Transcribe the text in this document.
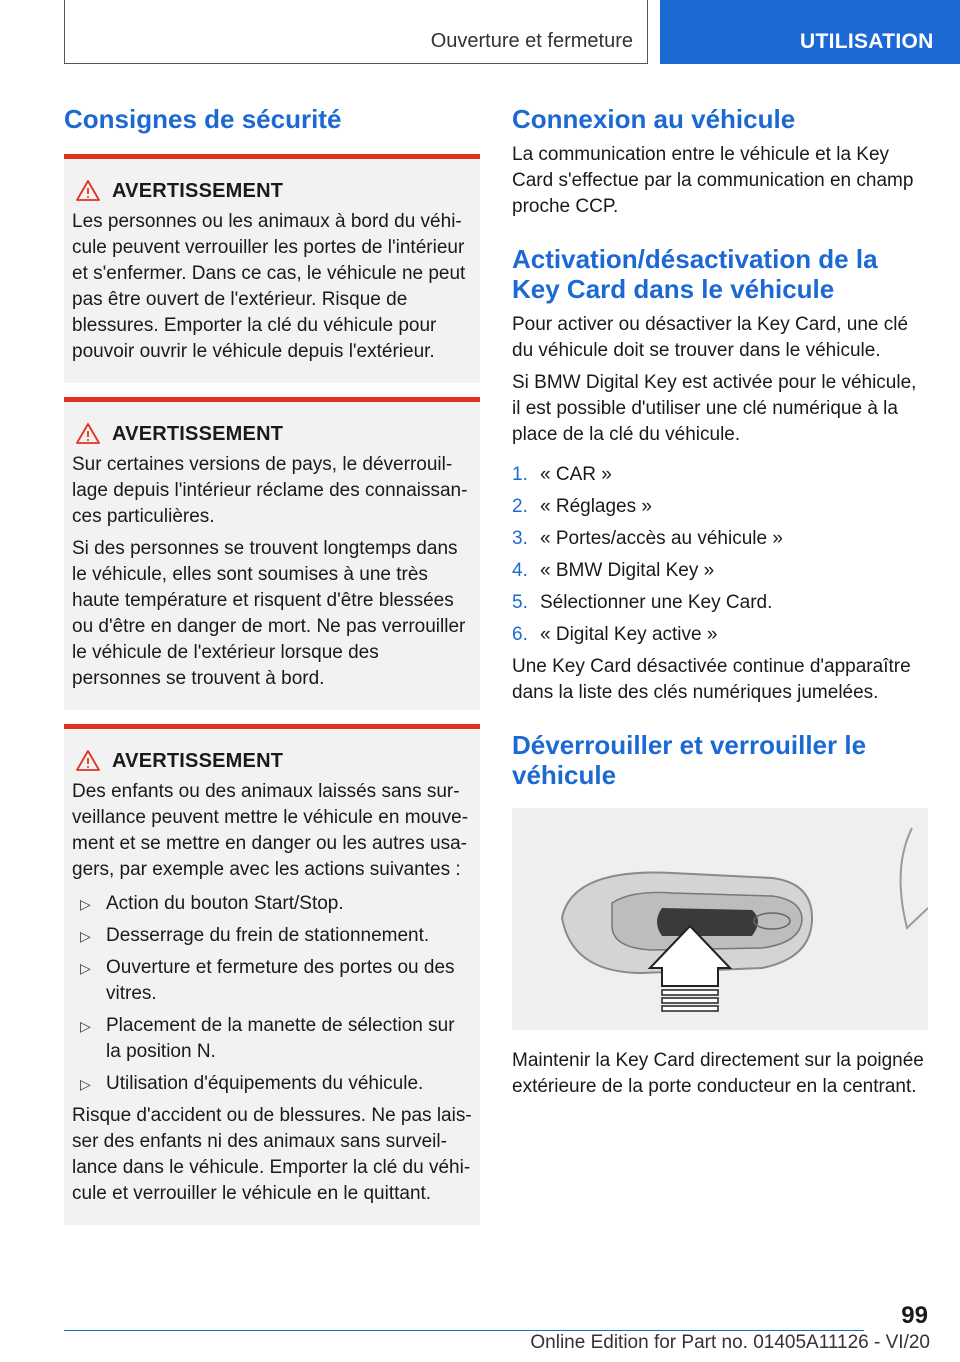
Ouverture et fermeture	UTILISATION
Consignes de sécurité
AVERTISSEMENT

Les personnes ou les animaux à bord du véhicule peuvent verrouiller les portes de l'intérieur et s'enfermer. Dans ce cas, le véhicule ne peut pas être ouvert de l'extérieur. Risque de blessures. Emporter la clé du véhicule pour pouvoir ouvrir le véhicule depuis l'extérieur.

AVERTISSEMENT

Sur certaines versions de pays, le déverrouillage depuis l'intérieur réclame des connaissances particulières.

Si des personnes se trouvent longtemps dans le véhicule, elles sont soumises à une très haute température et risquent d'être blessées ou d'être en danger de mort. Ne pas verrouiller le véhicule de l'extérieur lorsque des personnes se trouvent à bord.

AVERTISSEMENT

Des enfants ou des animaux laissés sans surveillance peuvent mettre le véhicule en mouvement et se mettre en danger ou les autres usagers, par exemple avec les actions suivantes :

▷ Action du bouton Start/Stop.
▷ Desserrage du frein de stationnement.
▷ Ouverture et fermeture des portes ou des vitres.
▷ Placement de la manette de sélection sur la position N.
▷ Utilisation d'équipements du véhicule.

Risque d'accident ou de blessures. Ne pas laisser des enfants ni des animaux sans surveillance dans le véhicule. Emporter la clé du véhicule et verrouiller le véhicule en le quittant.

Connexion au véhicule

La communication entre le véhicule et la Key Card s'effectue par la communication en champ proche CCP.

Activation/désactivation de la Key Card dans le véhicule

Pour activer ou désactiver la Key Card, une clé du véhicule doit se trouver dans le véhicule.

Si BMW Digital Key est activée pour le véhicule, il est possible d'utiliser une clé numérique à la place de la clé du véhicule.

1. « CAR »
2. « Réglages »
3. « Portes/accès au véhicule »
4. « BMW Digital Key »
5. Sélectionner une Key Card.
6. « Digital Key active »

Une Key Card désactivée continue d'apparaître dans la liste des clés numériques jumelées.

Déverrouiller et verrouiller le véhicule

Maintenir la Key Card directement sur la poignée extérieure de la porte conducteur en la centrant.

99
Online Edition for Part no. 01405A11126 - VI/20
